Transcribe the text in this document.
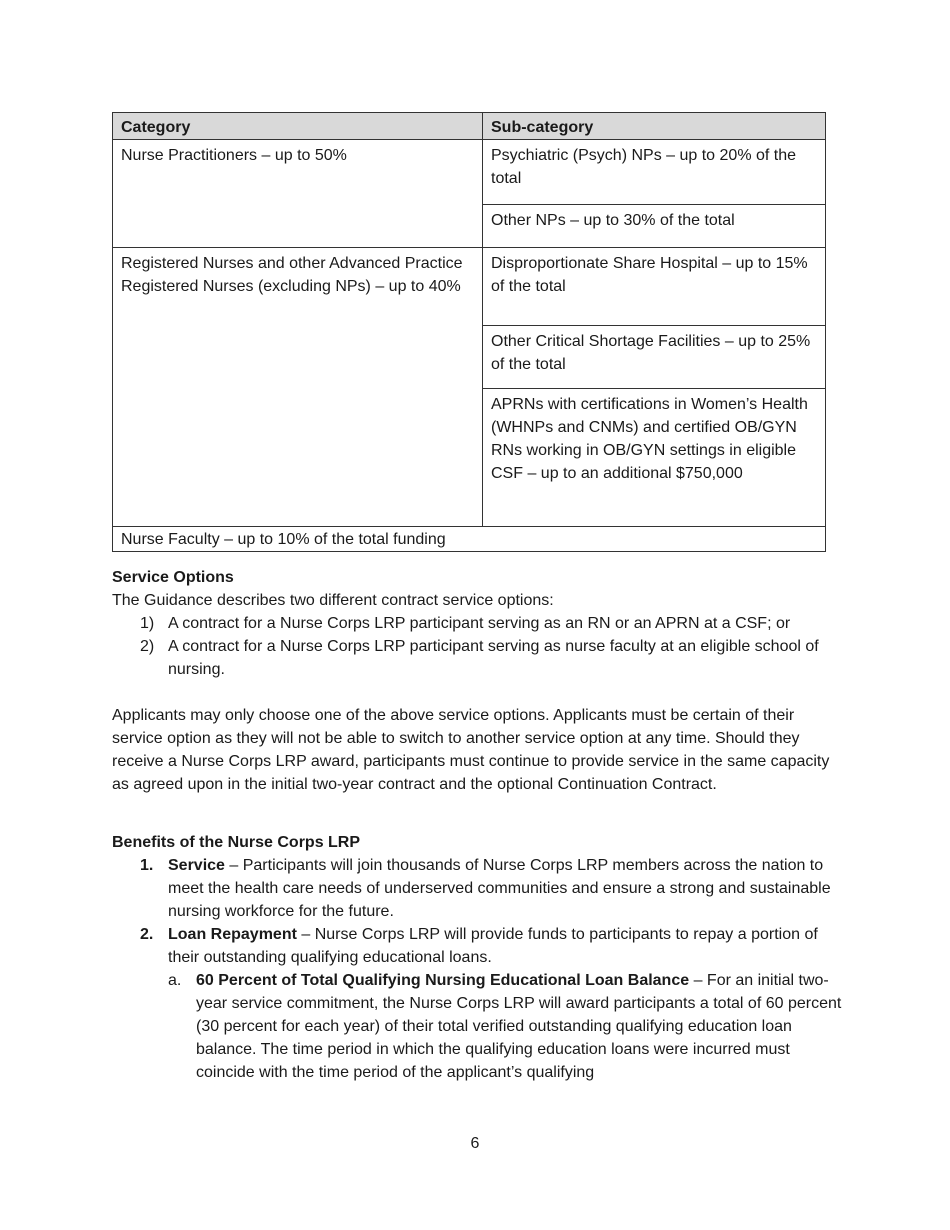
Category	Sub-category
Nurse Practitioners – up to 50%	Psychiatric (Psych) NPs – up to 20% of the total
	Other NPs – up to 30% of the total
Registered Nurses and other Advanced Practice Registered Nurses (excluding NPs) – up to 40%	Disproportionate Share Hospital – up to 15% of the total
	Other Critical Shortage Facilities – up to 25% of the total
	APRNs with certifications in Women’s Health (WHNPs and CNMs) and certified OB/GYN RNs working in OB/GYN settings in eligible CSF – up to an additional $750,000
Nurse Faculty – up to 10% of the total funding	
Service Options
The Guidance describes two different contract service options:
1) A contract for a Nurse Corps LRP participant serving as an RN or an APRN at a CSF; or
2) A contract for a Nurse Corps LRP participant serving as nurse faculty at an eligible school of nursing.
Applicants may only choose one of the above service options. Applicants must be certain of their service option as they will not be able to switch to another service option at any time. Should they receive a Nurse Corps LRP award, participants must continue to provide service in the same capacity as agreed upon in the initial two-year contract and the optional Continuation Contract.
Benefits of the Nurse Corps LRP
1. Service – Participants will join thousands of Nurse Corps LRP members across the nation to meet the health care needs of underserved communities and ensure a strong and sustainable nursing workforce for the future.
2. Loan Repayment – Nurse Corps LRP will provide funds to participants to repay a portion of their outstanding qualifying educational loans.
a. 60 Percent of Total Qualifying Nursing Educational Loan Balance – For an initial two-year service commitment, the Nurse Corps LRP will award participants a total of 60 percent (30 percent for each year) of their total verified outstanding qualifying education loan balance. The time period in which the qualifying education loans were incurred must coincide with the time period of the applicant’s qualifying
6
